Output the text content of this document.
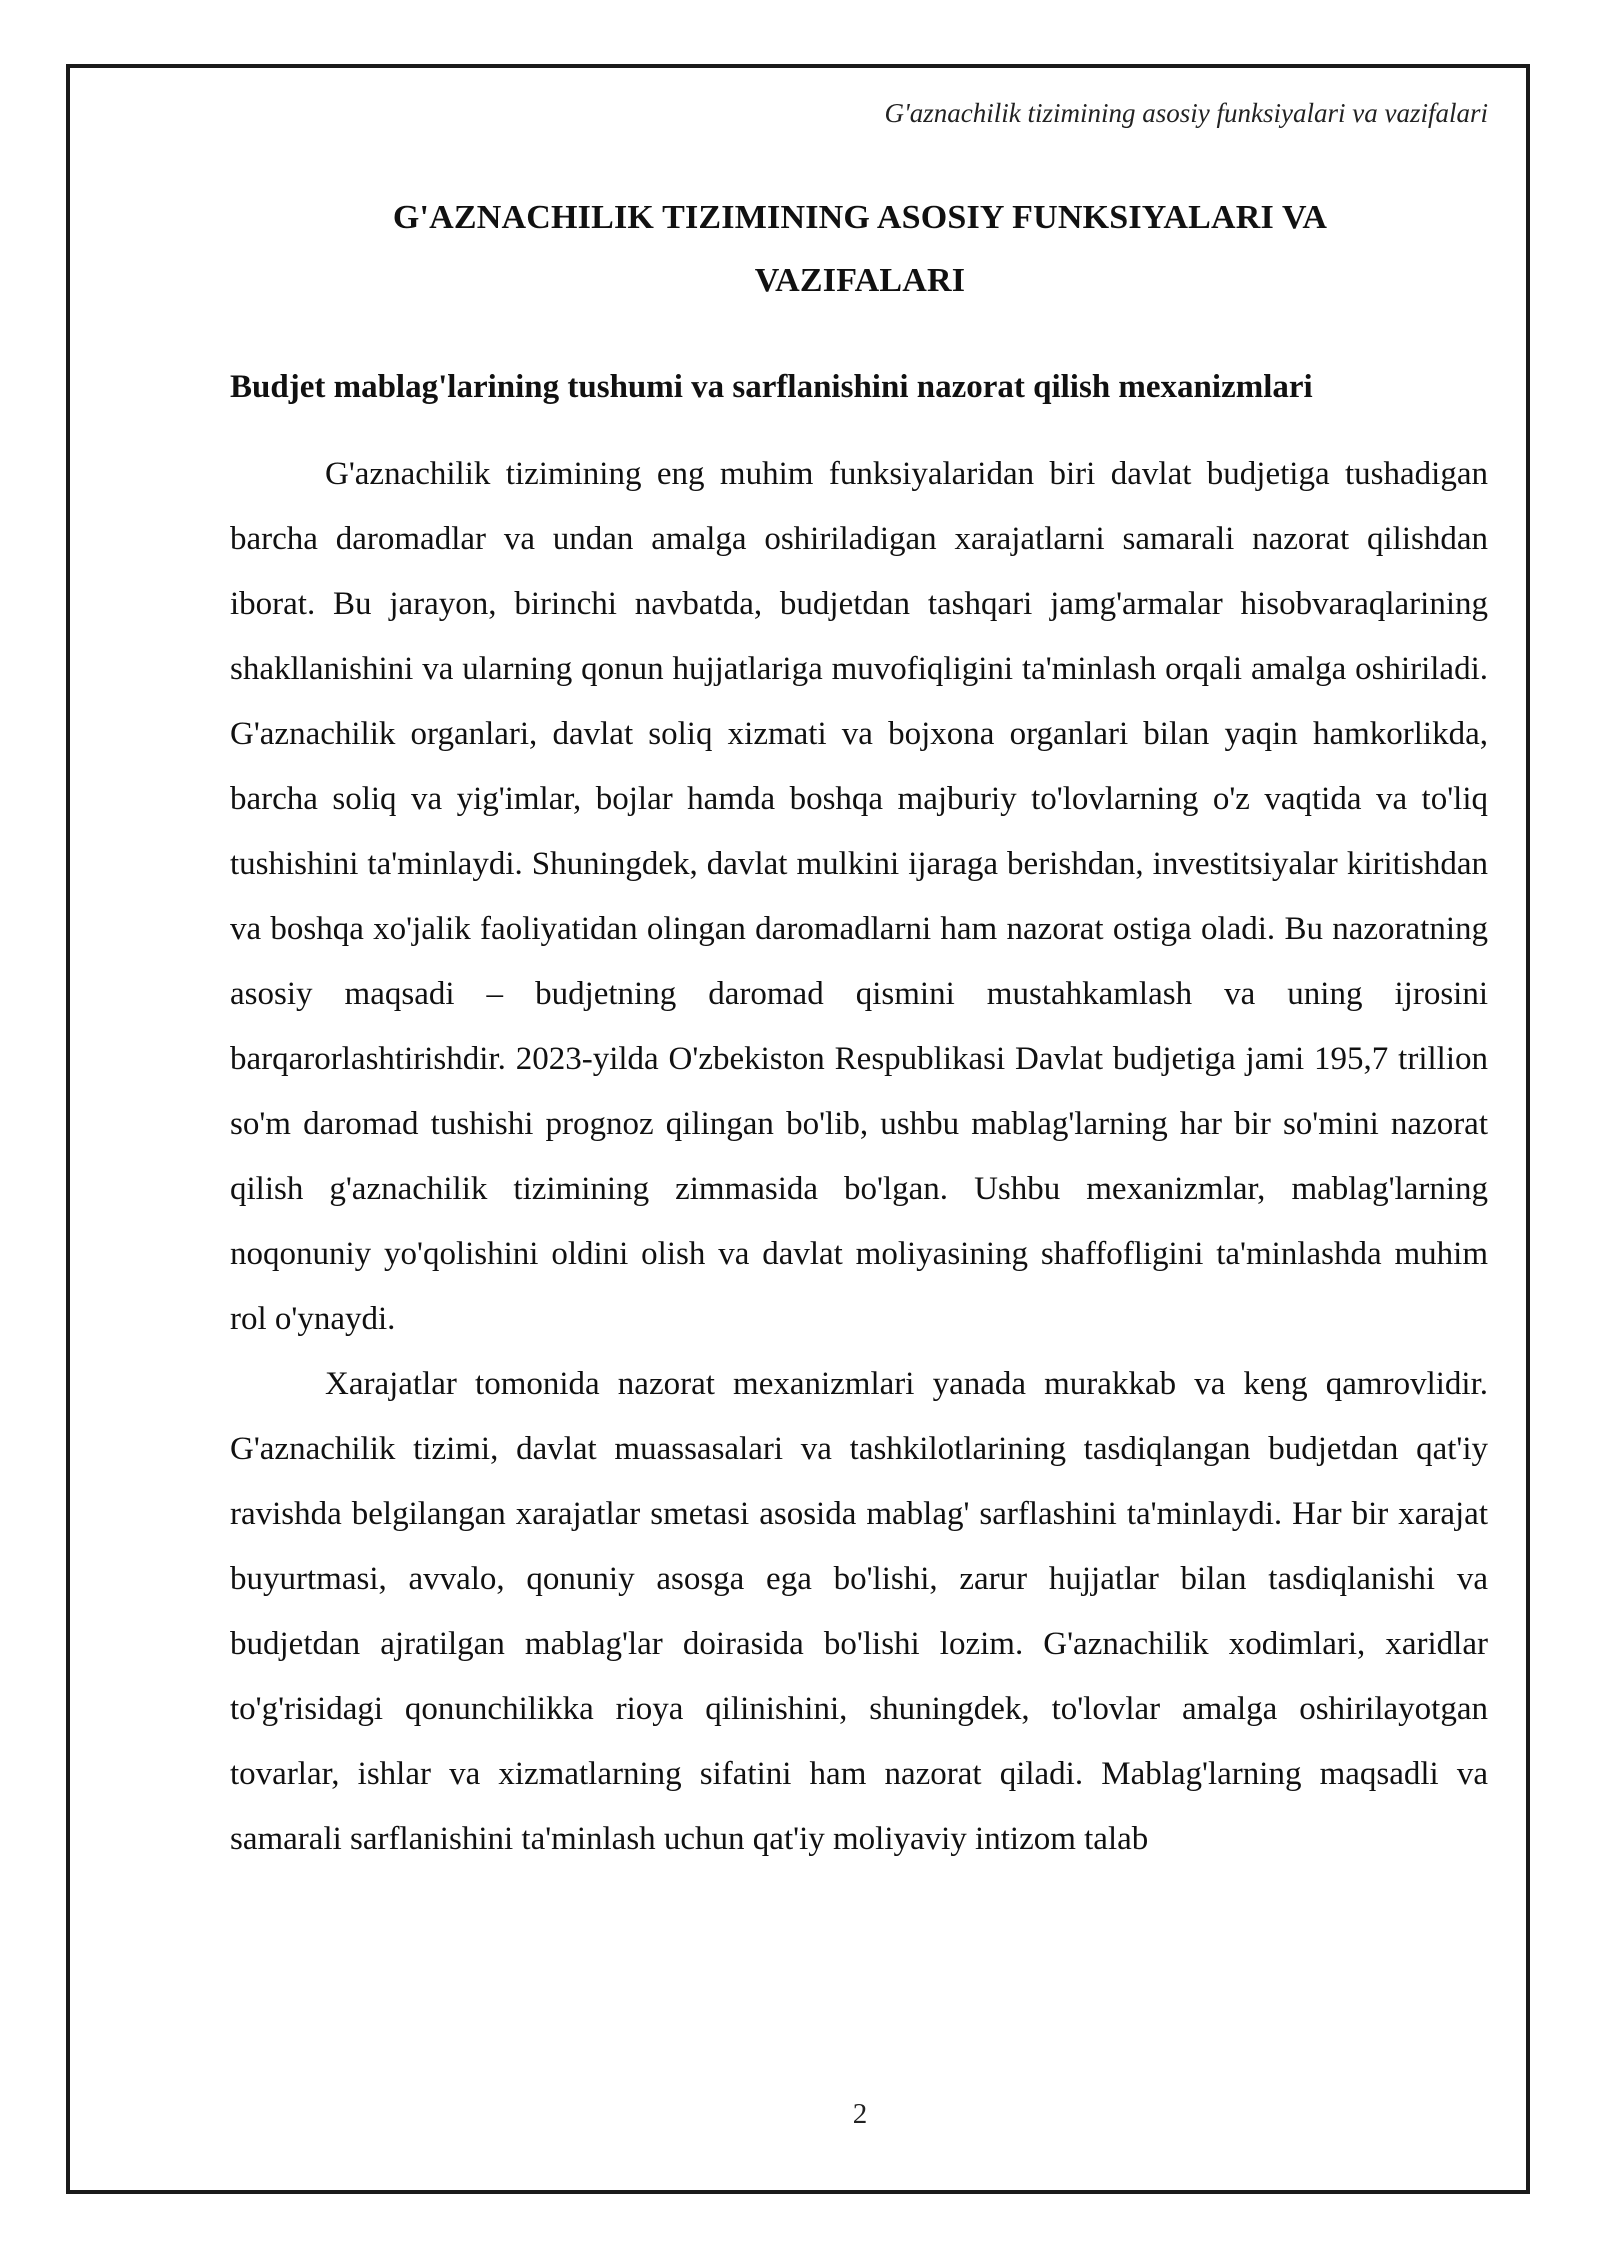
G'aznachilik tizimining asosiy funksiyalari va vazifalari
G'AZNACHILIK TIZIMINING ASOSIY FUNKSIYALARI VA
VAZIFALARI
Budjet mablag'larining tushumi va sarflanishini nazorat qilish mexanizmlari

G'aznachilik tizimining eng muhim funksiyalaridan biri davlat budjetiga tushadigan barcha daromadlar va undan amalga oshiriladigan xarajatlarni samarali nazorat qilishdan iborat. Bu jarayon, birinchi navbatda, budjetdan tashqari jamg'armalar hisobvaraqlarining shakllanishini va ularning qonun hujjatlariga muvofiqligini ta'minlash orqali amalga oshiriladi. G'aznachilik organlari, davlat soliq xizmati va bojxona organlari bilan yaqin hamkorlikda, barcha soliq va yig'imlar, bojlar hamda boshqa majburiy to'lovlarning o'z vaqtida va to'liq tushishini ta'minlaydi. Shuningdek, davlat mulkini ijaraga berishdan, investitsiyalar kiritishdan va boshqa xo'jalik faoliyatidan olingan daromadlarni ham nazorat ostiga oladi. Bu nazoratning asosiy maqsadi – budjetning daromad qismini mustahkamlash va uning ijrosini barqarorlashtirishdir. 2023-yilda O'zbekiston Respublikasi Davlat budjetiga jami 195,7 trillion so'm daromad tushishi prognoz qilingan bo'lib, ushbu mablag'larning har bir so'mini nazorat qilish g'aznachilik tizimining zimmasida bo'lgan. Ushbu mexanizmlar, mablag'larning noqonuniy yo'qolishini oldini olish va davlat moliyasining shaffofligini ta'minlashda muhim rol o'ynaydi.

Xarajatlar tomonida nazorat mexanizmlari yanada murakkab va keng qamrovlidir. G'aznachilik tizimi, davlat muassasalari va tashkilotlarining tasdiqlangan budjetdan qat'iy ravishda belgilangan xarajatlar smetasi asosida mablag' sarflashini ta'minlaydi. Har bir xarajat buyurtmasi, avvalo, qonuniy asosga ega bo'lishi, zarur hujjatlar bilan tasdiqlanishi va budjetdan ajratilgan mablag'lar doirasida bo'lishi lozim. G'aznachilik xodimlari, xaridlar to'g'risidagi qonunchilikka rioya qilinishini, shuningdek, to'lovlar amalga oshirilayotgan tovarlar, ishlar va xizmatlarning sifatini ham nazorat qiladi. Mablag'larning maqsadli va samarali sarflanishini ta'minlash uchun qat'iy moliyaviy intizom talab

2
